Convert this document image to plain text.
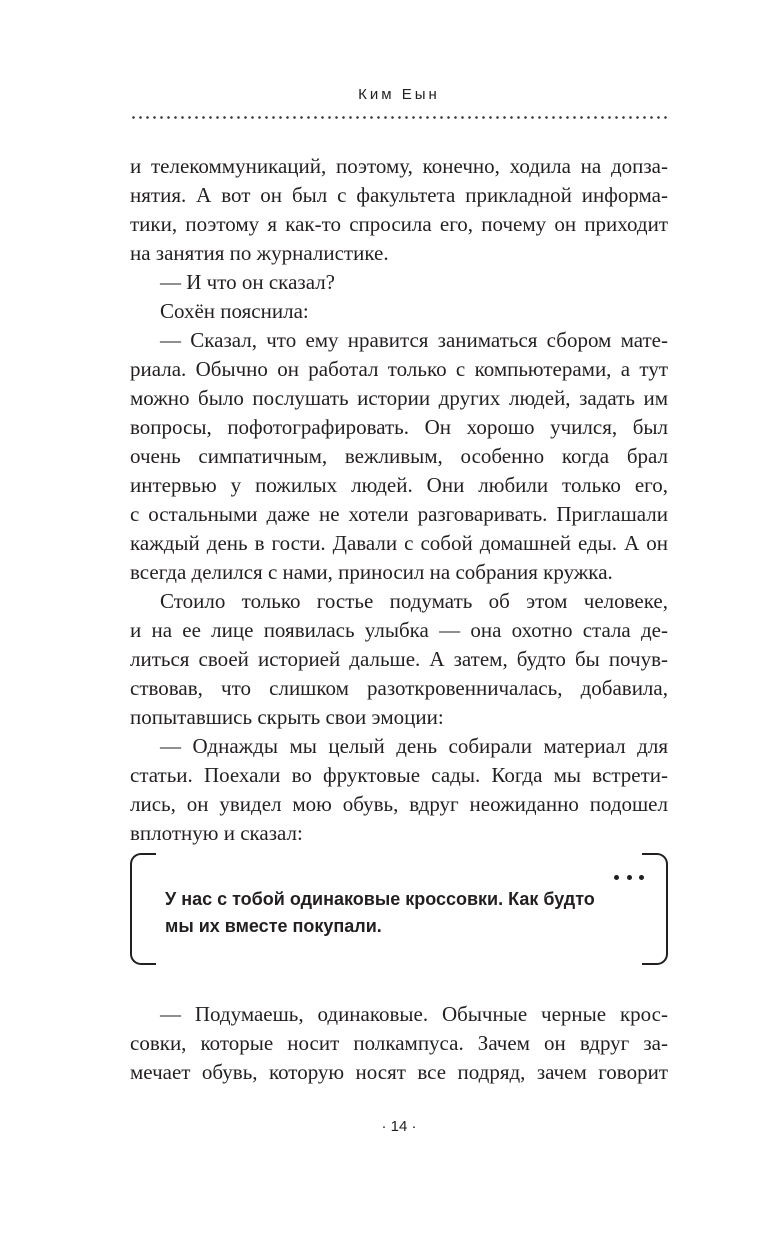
Ким Еын
и телекоммуникаций, поэтому, конечно, ходила на допза-
нятия. А вот он был с факультета прикладной информа-
тики, поэтому я как-то спросила его, почему он приходит
на занятия по журналистике.
— И что он сказал?
Сохён пояснила:
— Сказал, что ему нравится заниматься сбором мате-
риала. Обычно он работал только с компьютерами, а тут
можно было послушать истории других людей, задать им
вопросы, пофотографировать. Он хорошо учился, был
очень симпатичным, вежливым, особенно когда брал
интервью у пожилых людей. Они любили только его,
с остальными даже не хотели разговаривать. Приглашали
каждый день в гости. Давали с собой домашней еды. А он
всегда делился с нами, приносил на собрания кружка.
Стоило только гостье подумать об этом человеке,
и на ее лице появилась улыбка — она охотно стала де-
литься своей историей дальше. А затем, будто бы почув-
ствовав, что слишком разоткровенничалась, добавила,
попытавшись скрыть свои эмоции:
— Однажды мы целый день собирали материал для
статьи. Поехали во фруктовые сады. Когда мы встрети-
лись, он увидел мою обувь, вдруг неожиданно подошел
вплотную и сказал:
У нас с тобой одинаковые кроссовки. Как будто
мы их вместе покупали.
— Подумаешь, одинаковые. Обычные черные крос-
совки, которые носит полкампуса. Зачем он вдруг за-
мечает обувь, которую носят все подряд, зачем говорит
· 14 ·
